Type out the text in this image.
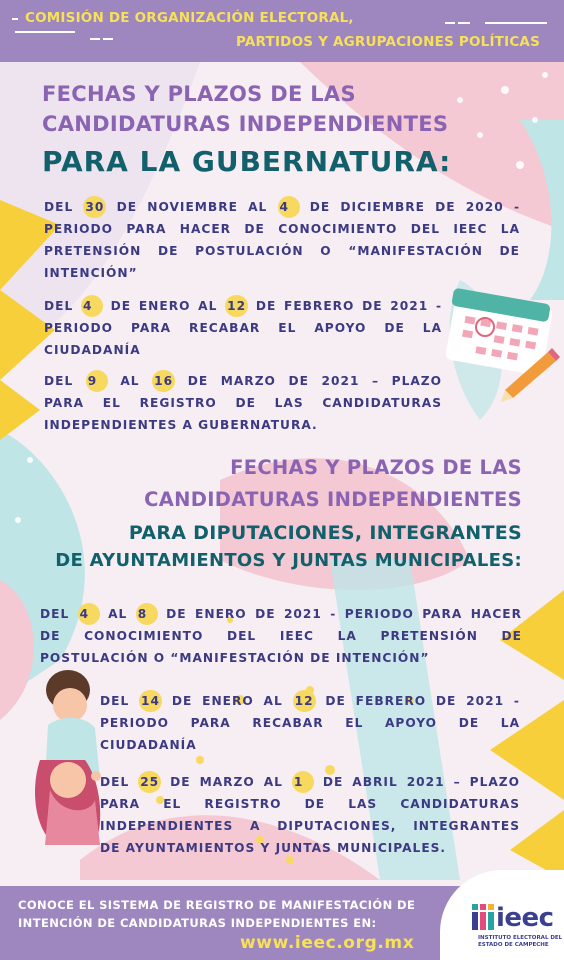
COMISIÓN DE ORGANIZACIÓN ELECTORAL,
PARTIDOS Y AGRUPACIONES POLÍTICAS
FECHAS Y PLAZOS DE LAS
CANDIDATURAS INDEPENDIENTES
PARA LA GUBERNATURA:
DEL 30 DE NOVIEMBRE AL 4 DE DICIEMBRE DE 2020 -
PERIODO PARA HACER DE CONOCIMIENTO DEL IEEC LA
PRETENSIÓN DE POSTULACIÓN O “MANIFESTACIÓN DE
INTENCIÓN”
DEL 4 DE ENERO AL 12 DE FEBRERO DE 2021 -
PERIODO PARA RECABAR EL APOYO DE LA
CIUDADANÍA
DEL 9 AL 16 DE MARZO DE 2021 – PLAZO
PARA EL REGISTRO DE LAS CANDIDATURAS
INDEPENDIENTES A GUBERNATURA.
FECHAS Y PLAZOS DE LAS
CANDIDATURAS INDEPENDIENTES
PARA DIPUTACIONES, INTEGRANTES
DE AYUNTAMIENTOS Y JUNTAS MUNICIPALES:
DEL 4 AL 8 DE ENERO DE 2021 - PERIODO PARA HACER
DE CONOCIMIENTO DEL IEEC LA PRETENSIÓN DE
POSTULACIÓN O “MANIFESTACIÓN DE INTENCIÓN”
DEL 14 DE ENERO AL 12 DE FEBRERO DE 2021 -
PERIODO PARA RECABAR EL APOYO DE LA
CIUDADANÍA
DEL 25 DE MARZO AL 1 DE ABRIL 2021 – PLAZO
PARA EL REGISTRO DE LAS CANDIDATURAS
INDEPENDIENTES A DIPUTACIONES, INTEGRANTES
DE AYUNTAMIENTOS Y JUNTAS MUNICIPALES.
CONOCE EL SISTEMA DE REGISTRO DE MANIFESTACIÓN DE
INTENCIÓN DE CANDIDATURAS INDEPENDIENTES EN:
www.ieec.org.mx
ieec
INSTITUTO ELECTORAL DEL
ESTADO DE CAMPECHE
